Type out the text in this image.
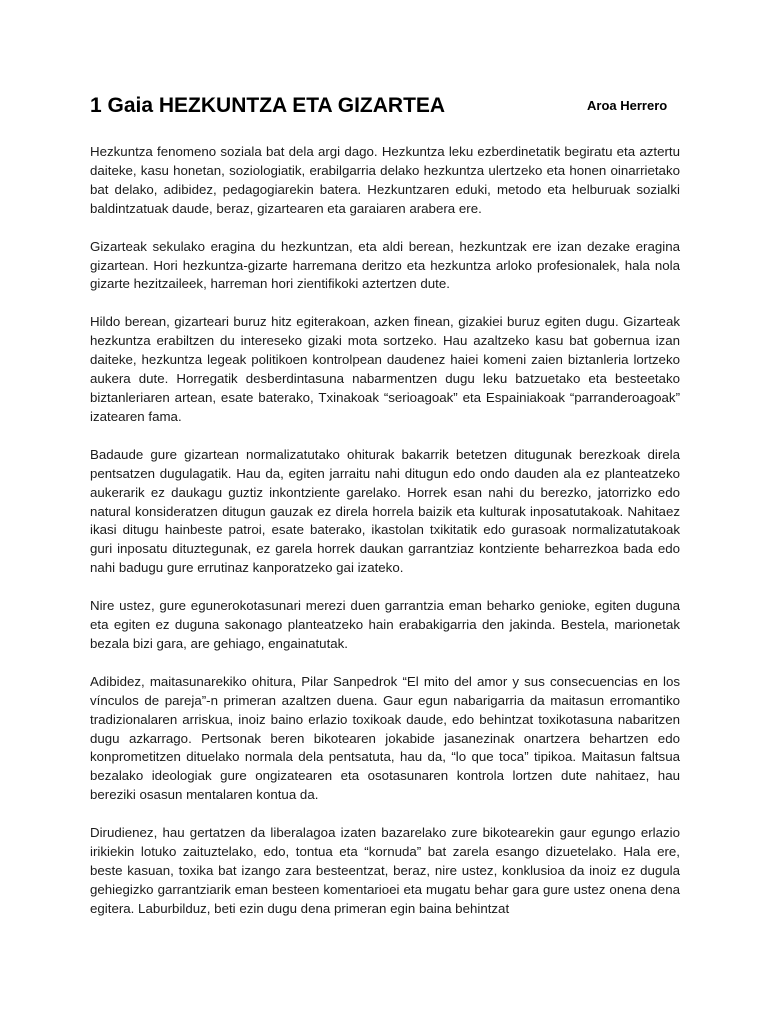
1 Gaia HEZKUNTZA ETA GIZARTEA	Aroa Herrero

Hezkuntza fenomeno soziala bat dela argi dago. Hezkuntza leku ezberdinetatik begiratu eta aztertu daiteke, kasu honetan, soziologiatik, erabilgarria delako hezkuntza ulertzeko eta honen oinarrietako bat delako, adibidez, pedagogiarekin batera. Hezkuntzaren eduki, metodo eta helburuak sozialki baldintzatuak daude, beraz, gizartearen eta garaiaren arabera ere.

Gizarteak sekulako eragina du hezkuntzan, eta aldi berean, hezkuntzak ere izan dezake eragina gizartean. Hori hezkuntza-gizarte harremana deritzo eta hezkuntza arloko profesionalek, hala nola gizarte hezitzaileek, harreman hori zientifikoki aztertzen dute.

Hildo berean, gizarteari buruz hitz egiterakoan, azken finean, gizakiei buruz egiten dugu. Gizarteak hezkuntza erabiltzen du intereseko gizaki mota sortzeko. Hau azaltzeko kasu bat gobernua izan daiteke, hezkuntza legeak politikoen kontrolpean daudenez haiei komeni zaien biztanleria lortzeko aukera dute. Horregatik desberdintasuna nabarmentzen dugu leku batzuetako eta besteetako biztanleriaren artean, esate baterako, Txinakoak “serioagoak” eta Espainiakoak “parranderoagoak” izatearen fama.

Badaude gure gizartean normalizatutako ohiturak bakarrik betetzen ditugunak berezkoak direla pentsatzen dugulagatik. Hau da, egiten jarraitu nahi ditugun edo ondo dauden ala ez planteatzeko aukerarik ez daukagu guztiz inkontziente garelako. Horrek esan nahi du berezko, jatorrizko edo natural konsideratzen ditugun gauzak ez direla horrela baizik eta kulturak inposatutakoak. Nahitaez ikasi ditugu hainbeste patroi, esate baterako, ikastolan txikitatik edo gurasoak normalizatutakoak guri inposatu dituztegunak, ez garela horrek daukan garrantziaz kontziente beharrezkoa bada edo nahi badugu gure errutinaz kanporatzeko gai izateko.

Nire ustez, gure egunerokotasunari merezi duen garrantzia eman beharko genioke, egiten duguna eta egiten ez duguna sakonago planteatzeko hain erabakigarria den jakinda. Bestela, marionetak bezala bizi gara, are gehiago, engainatutak.

Adibidez, maitasunarekiko ohitura, Pilar Sanpedrok “El mito del amor y sus consecuencias en los vínculos de pareja”-n primeran azaltzen duena. Gaur egun nabarigarria da maitasun erromantiko tradizionalaren arriskua, inoiz baino erlazio toxikoak daude, edo behintzat toxikotasuna nabaritzen dugu azkarrago. Pertsonak beren bikotearen jokabide jasanezinak onartzera behartzen edo konprometitzen dituelako normala dela pentsatuta, hau da, “lo que toca” tipikoa. Maitasun faltsua bezalako ideologiak gure ongizatearen eta osotasunaren kontrola lortzen dute nahitaez, hau bereziki osasun mentalaren kontua da.

Dirudienez, hau gertatzen da liberalagoa izaten bazarelako zure bikotearekin gaur egungo erlazio irikiekin lotuko zaituztelako, edo, tontua eta “kornuda” bat zarela esango dizuetelako. Hala ere, beste kasuan, toxika bat izango zara besteentzat, beraz, nire ustez, konklusioa da inoiz ez dugula gehiegizko garrantziarik eman besteen komentarioei eta mugatu behar gara gure ustez onena dena egitera. Laburbilduz, beti ezin dugu dena primeran egin baina behintzat
